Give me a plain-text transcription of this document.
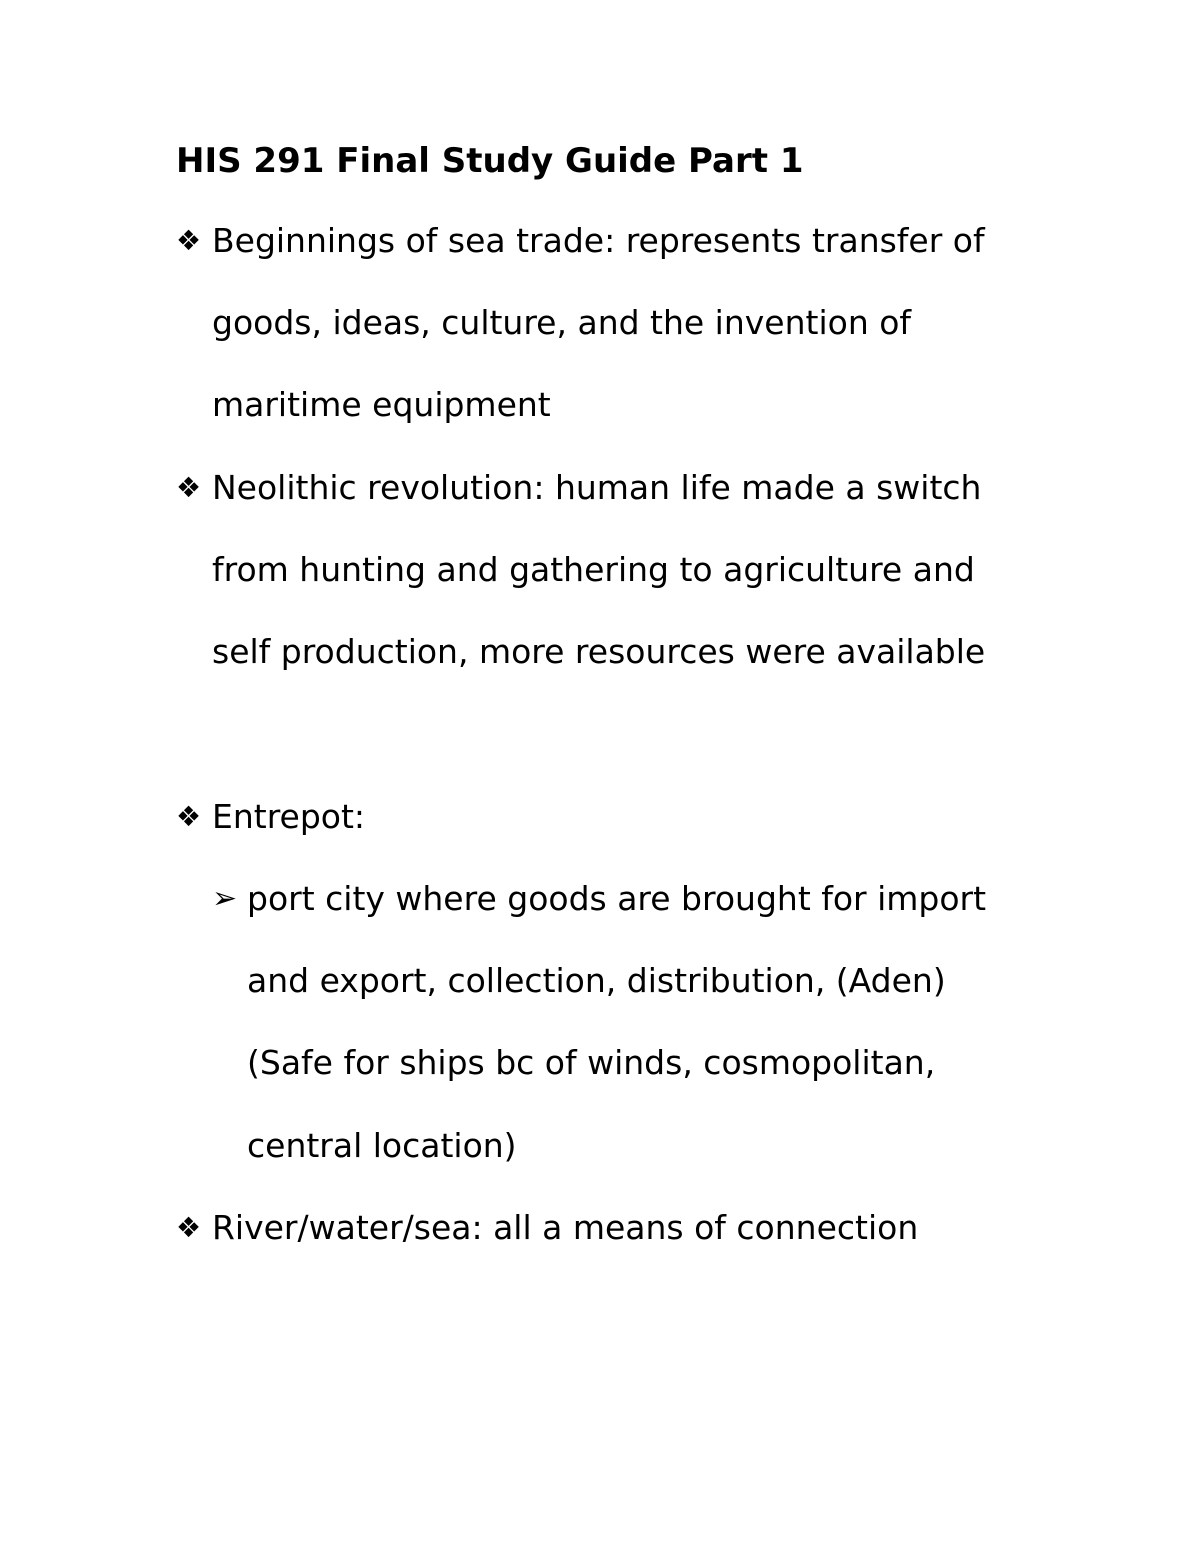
HIS 291 Final Study Guide Part 1
❖ Beginnings of sea trade: represents transfer of goods, ideas, culture, and the invention of maritime equipment
❖ Neolithic revolution: human life made a switch from hunting and gathering to agriculture and self production, more resources were available
❖ Entrepot:
➢ port city where goods are brought for import and export, collection, distribution, (Aden) (Safe for ships bc of winds, cosmopolitan, central location)
❖ River/water/sea: all a means of connection
